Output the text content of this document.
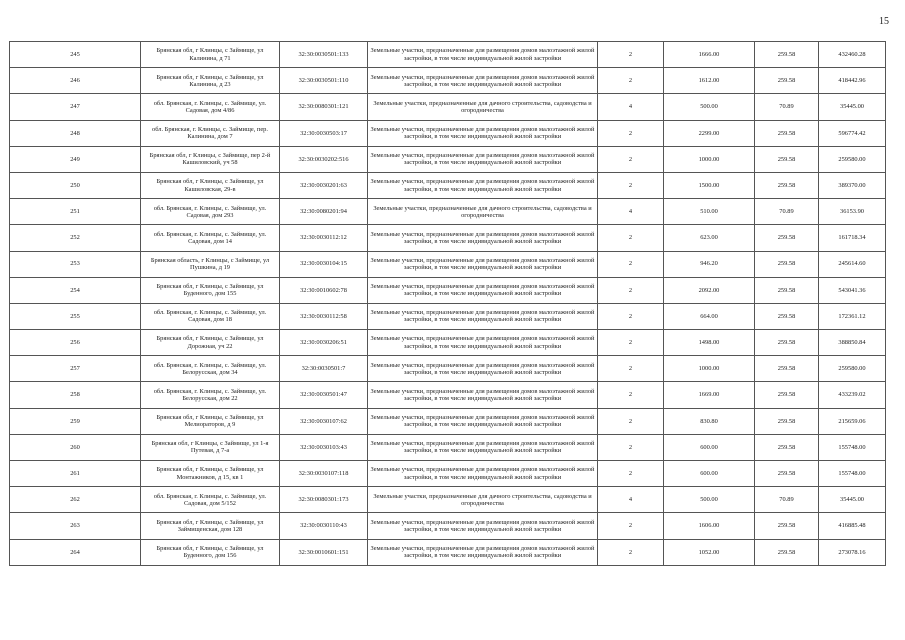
15
245	Брянская обл, г Клинцы, с Займище, ул Калинина, д 71	32:30:0030501:133	Земельные участки, предназначенные для размещения домов малоэтажной жилой застройки, в том числе индивидуальной жилой застройки	2	1666.00	259.58	432460.28
246	Брянская обл, г Клинцы, с Займище, ул Калинина, д 23	32:30:0030501:110	Земельные участки, предназначенные для размещения домов малоэтажной жилой застройки, в том числе индивидуальной жилой застройки	2	1612.00	259.58	418442.96
247	обл. Брянская, г. Клинцы, с. Займище, ул. Садовая, дом 4/86	32:30:0080301:121	Земельные участки, предназначенные для дачного строительства, садоводства и огородничества	4	500.00	70.89	35445.00
248	обл. Брянская, г. Клинцы, с. Займище, пер. Калинина, дом 7	32:30:0030503:17	Земельные участки, предназначенные для размещения домов малоэтажной жилой застройки, в том числе индивидуальной жилой застройки	2	2299.00	259.58	596774.42
249	Брянская обл, г Клинцы, с Займище, пер 2-й Кашиловский, уч 58	32:30:0030202:516	Земельные участки, предназначенные для размещения домов малоэтажной жилой застройки, в том числе индивидуальной жилой застройки	2	1000.00	259.58	259580.00
250	Брянская обл, г Клинцы, с Займище, ул Кашиловская, 29-в	32:30:0030201:63	Земельные участки, предназначенные для размещения домов малоэтажной жилой застройки, в том числе индивидуальной жилой застройки	2	1500.00	259.58	389370.00
251	обл. Брянская, г. Клинцы, с. Займище, ул. Садовая, дом 293	32:30:0080201:94	Земельные участки, предназначенные для дачного строительства, садоводства и огородничества	4	510.00	70.89	36153.90
252	обл. Брянская, г. Клинцы, с. Займище, ул. Садовая, дом 14	32:30:0030112:12	Земельные участки, предназначенные для размещения домов малоэтажной жилой застройки, в том числе индивидуальной жилой застройки	2	623.00	259.58	161718.34
253	Брянская область, г Клинцы, с Займище, ул Пушкина, д 19	32:30:0030104:15	Земельные участки, предназначенные для размещения домов малоэтажной жилой застройки, в том числе индивидуальной жилой застройки	2	946.20	259.58	245614.60
254	Брянская обл, г Клинцы, с Займище, ул Буденного, дом 155	32:30:0010602:78	Земельные участки, предназначенные для размещения домов малоэтажной жилой застройки, в том числе индивидуальной жилой застройки	2	2092.00	259.58	543041.36
255	обл. Брянская, г. Клинцы, с. Займище, ул. Садовая, дом 18	32:30:0030112:58	Земельные участки, предназначенные для размещения домов малоэтажной жилой застройки, в том числе индивидуальной жилой застройки	2	664.00	259.58	172361.12
256	Брянская обл, г Клинцы, с Займище, ул Дорожная, уч 22	32:30:0030206:51	Земельные участки, предназначенные для размещения домов малоэтажной жилой застройки, в том числе индивидуальной жилой застройки	2	1498.00	259.58	388850.84
257	обл. Брянская, г. Клинцы, с. Займище, ул. Белорусская, дом 34	32:30:0030501:7	Земельные участки, предназначенные для размещения домов малоэтажной жилой застройки, в том числе индивидуальной жилой застройки	2	1000.00	259.58	259580.00
258	обл. Брянская, г. Клинцы, с. Займище, ул. Белорусская, дом 22	32:30:0030501:47	Земельные участки, предназначенные для размещения домов малоэтажной жилой застройки, в том числе индивидуальной жилой застройки	2	1669.00	259.58	433239.02
259	Брянская обл, г Клинцы, с Займище, ул Мелиораторов, д 9	32:30:0030107:62	Земельные участки, предназначенные для размещения домов малоэтажной жилой застройки, в том числе индивидуальной жилой застройки	2	830.80	259.58	215659.06
260	Брянская обл, г Клинцы, с Займище, ул 1-я Путевая, д 7-а	32:30:0030103:43	Земельные участки, предназначенные для размещения домов малоэтажной жилой застройки, в том числе индивидуальной жилой застройки	2	600.00	259.58	155748.00
261	Брянская обл, г Клинцы, с Займище, ул Монтажников, д 15, кв 1	32:30:0030107:118	Земельные участки, предназначенные для размещения домов малоэтажной жилой застройки, в том числе индивидуальной жилой застройки	2	600.00	259.58	155748.00
262	обл. Брянская, г. Клинцы, с. Займище, ул. Садовая, дом 5/152	32:30:0080301:173	Земельные участки, предназначенные для дачного строительства, садоводства и огородничества	4	500.00	70.89	35445.00
263	Брянская обл, г Клинцы, с Займище, ул Займищенская, дом 128	32:30:0030110:43	Земельные участки, предназначенные для размещения домов малоэтажной жилой застройки, в том числе индивидуальной жилой застройки	2	1606.00	259.58	416885.48
264	Брянская обл, г Клинцы, с Займище, ул Буденного, дом 156	32:30:0010601:151	Земельные участки, предназначенные для размещения домов малоэтажной жилой застройки, в том числе индивидуальной жилой застройки	2	1052.00	259.58	273078.16
